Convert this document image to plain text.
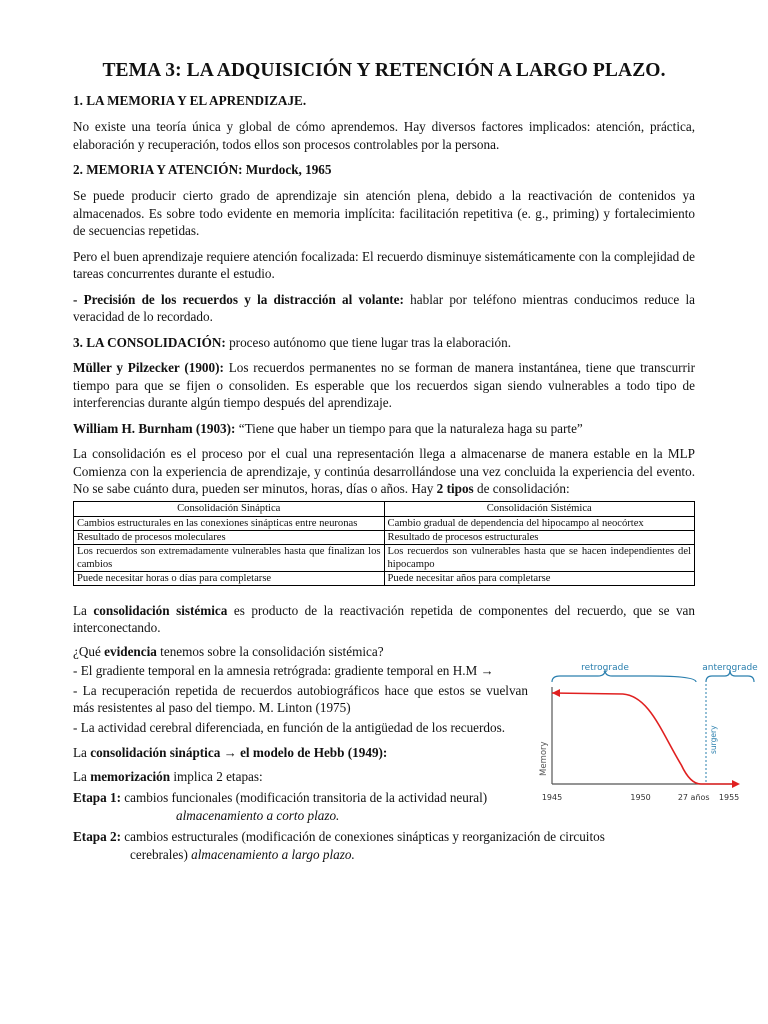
TEMA 3: LA ADQUISICIÓN Y RETENCIÓN A LARGO PLAZO.
1. LA MEMORIA Y EL APRENDIZAJE.

No existe una teoría única y global de cómo aprendemos. Hay diversos factores implicados: atención, práctica, elaboración y recuperación, todos ellos son procesos controlables por la persona.

2. MEMORIA Y ATENCIÓN: Murdock, 1965

Se puede producir cierto grado de aprendizaje sin atención plena, debido a la reactivación de contenidos ya almacenados. Es sobre todo evidente en memoria implícita: facilitación repetitiva (e. g., priming) y fortalecimiento de secuencias repetidas.

Pero el buen aprendizaje requiere atención focalizada: El recuerdo disminuye sistemáticamente con la complejidad de tareas concurrentes durante el estudio.

- Precisión de los recuerdos y la distracción al volante: hablar por teléfono mientras conducimos reduce la veracidad de lo recordado.

3. LA CONSOLIDACIÓN: proceso autónomo que tiene lugar tras la elaboración.

Müller y Pilzecker (1900): Los recuerdos permanentes no se forman de manera instantánea, tiene que transcurrir tiempo para que se fijen o consoliden. Es esperable que los recuerdos sigan siendo vulnerables a todo tipo de interferencias durante algún tiempo después del aprendizaje.

William H. Burnham (1903): “Tiene que haber un tiempo para que la naturaleza haga su parte”

La consolidación es el proceso por el cual una representación llega a almacenarse de manera estable en la MLP Comienza con la experiencia de aprendizaje, y continúa desarrollándose una vez concluida la experiencia del evento. No se sabe cuánto dura, pueden ser minutos, horas, días o años. Hay 2 tipos de consolidación:

Consolidación Sináptica	Consolidación Sistémica
Cambios estructurales en las conexiones sinápticas entre neuronas	Cambio gradual de dependencia del hipocampo al neocórtex
Resultado de procesos moleculares	Resultado de procesos estructurales
Los recuerdos son extremadamente vulnerables hasta que finalizan los cambios	Los recuerdos son vulnerables hasta que se hacen independientes del hipocampo
Puede necesitar horas o días para completarse	Puede necesitar años para completarse

La consolidación sistémica es producto de la reactivación repetida de componentes del recuerdo, que se van interconectando.

¿Qué evidencia tenemos sobre la consolidación sistémica?

- El gradiente temporal en la amnesia retrógrada: gradiente temporal en H.M →

- La recuperación repetida de recuerdos autobiográficos hace que estos se vuelvan más resistentes al paso del tiempo. M. Linton (1975)

- La actividad cerebral diferenciada, en función de la antigüedad de los recuerdos.

La consolidación sináptica → el modelo de Hebb (1949):

La memorización implica 2 etapas:

Etapa 1: cambios funcionales (modificación transitoria de la actividad neural)

almacenamiento a corto plazo.

Etapa 2: cambios estructurales (modificación de conexiones sinápticas y reorganización de circuitos

cerebrales) almacenamiento a largo plazo.

retrograde	anterograde
Memory
surgery
1945	1950	27 años 1955
